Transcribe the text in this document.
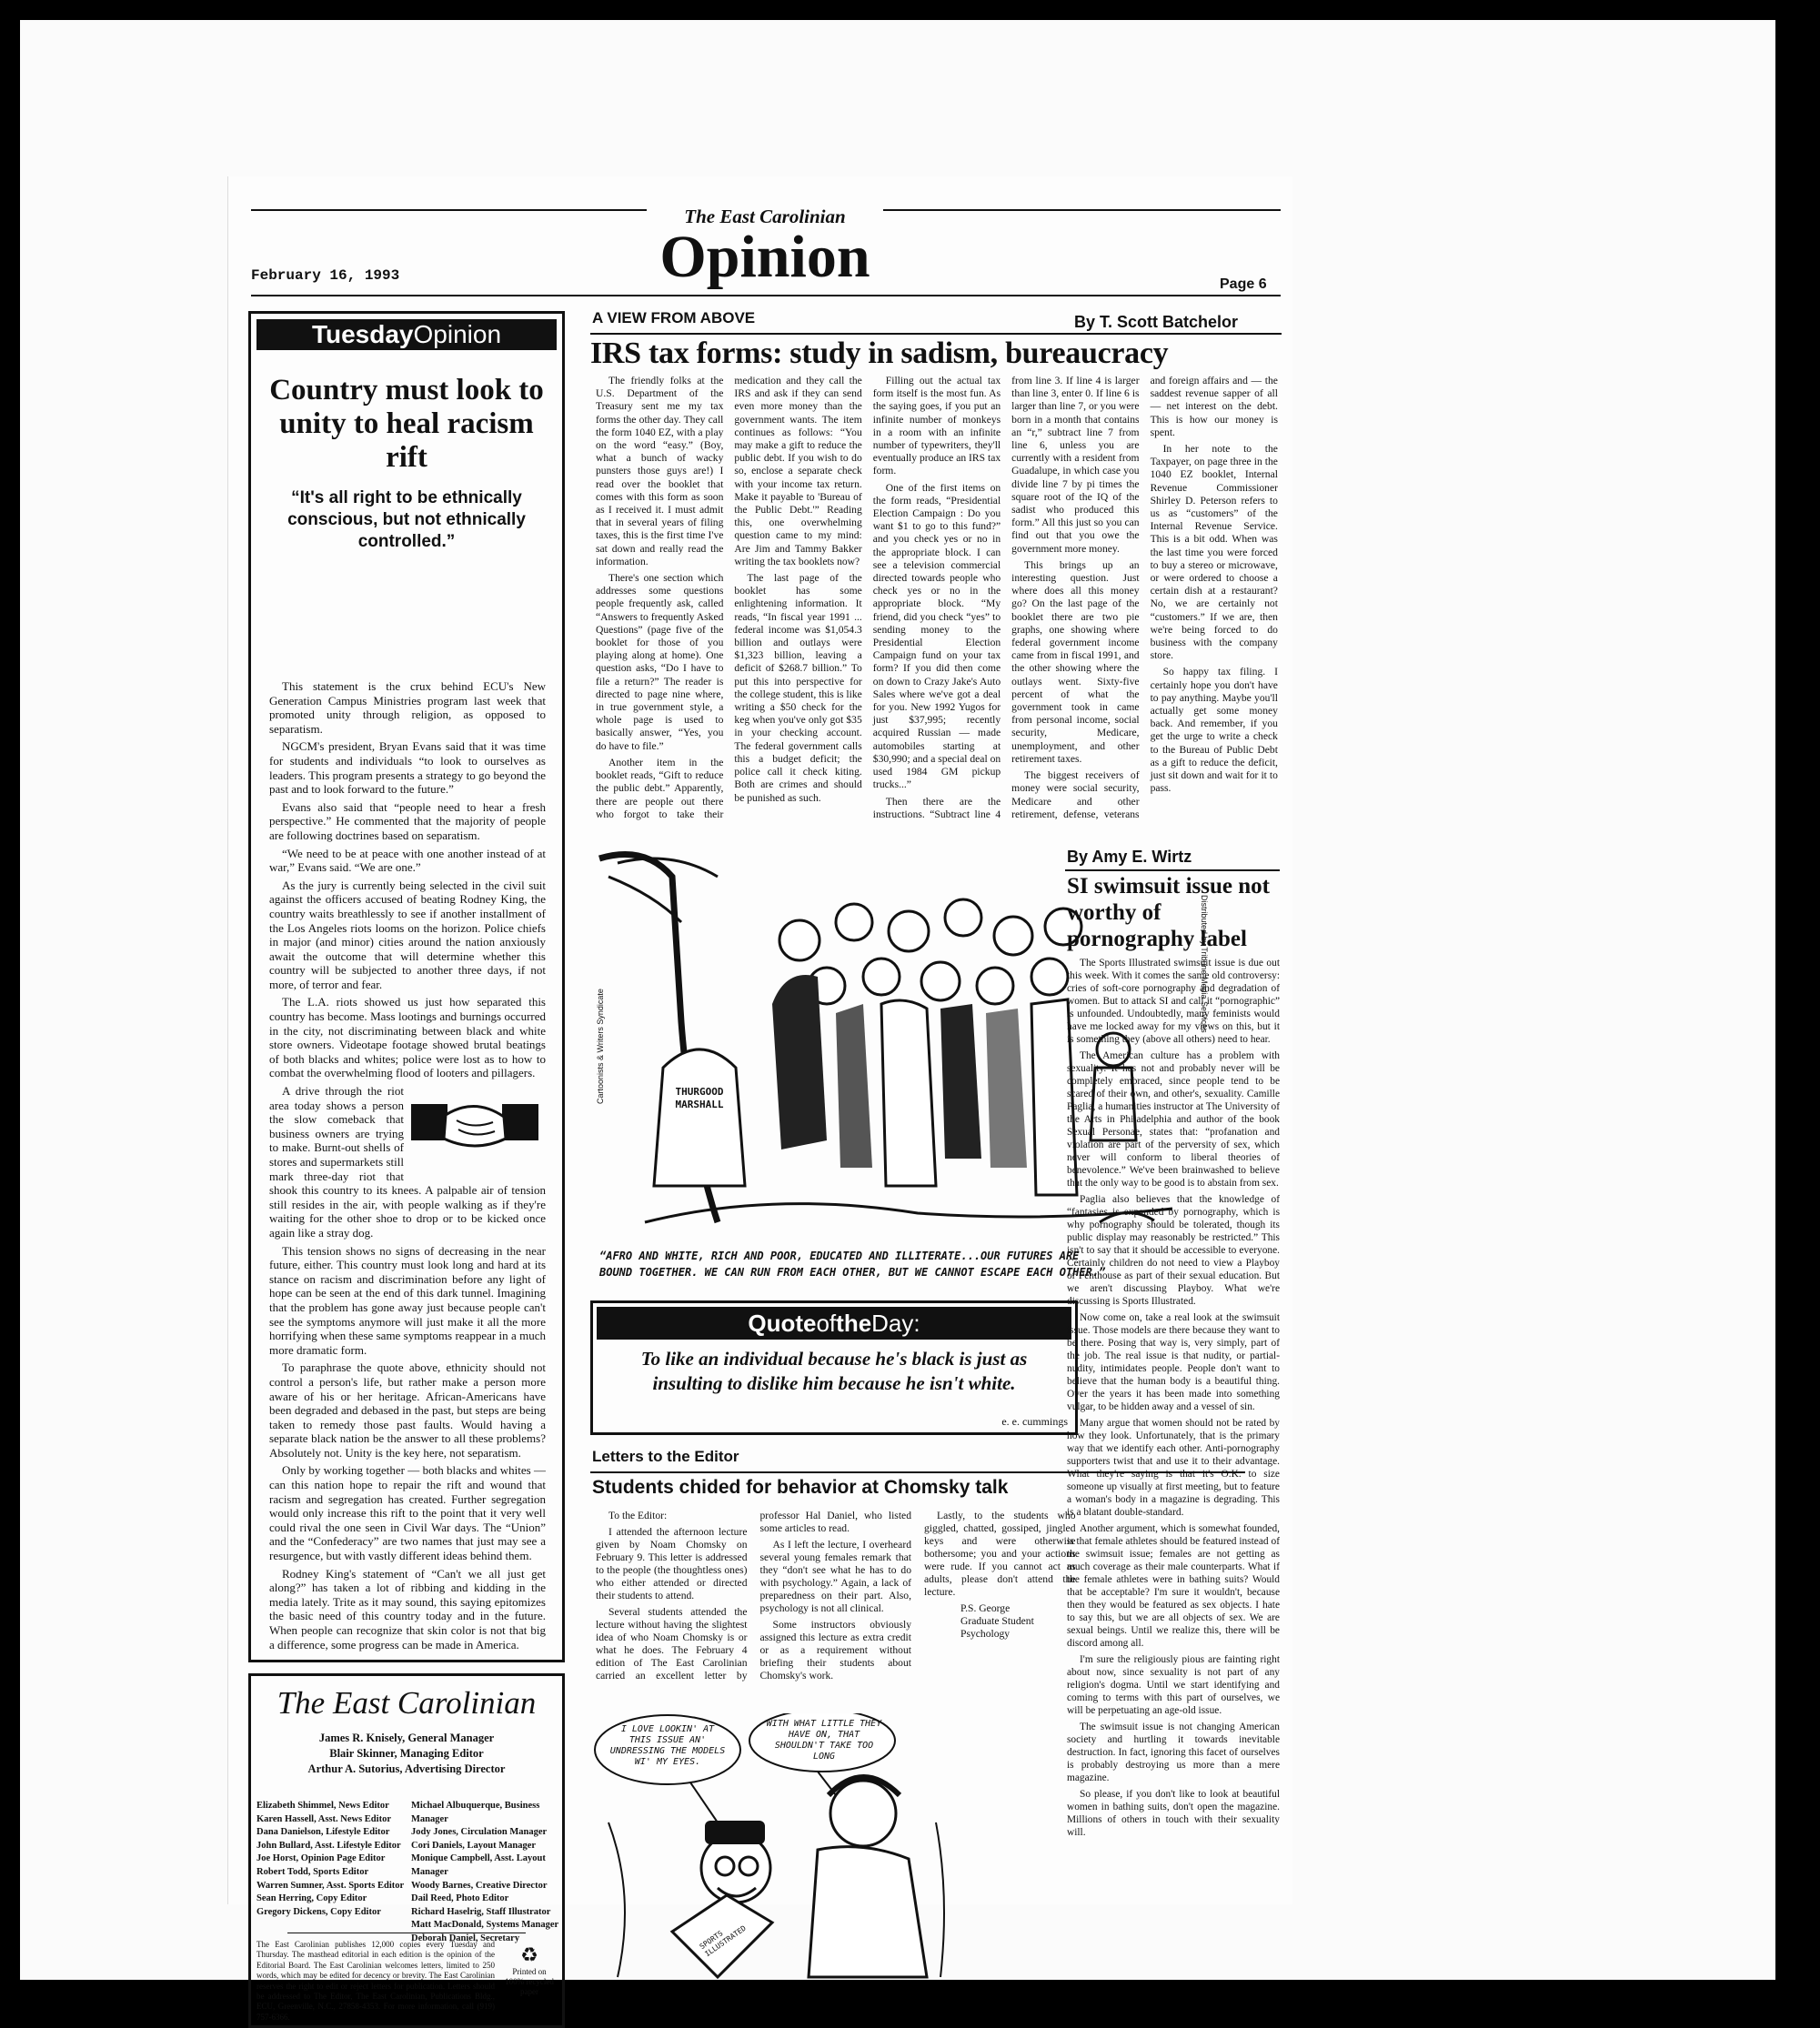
The East Carolinian
Opinion
February 16, 1993
Page 6
TuesdayOpinion
Country must look to unity to heal racism rift
“It's all right to be ethnically conscious, but not ethnically controlled.”

This statement is the crux behind ECU's New Generation Campus Ministries program last week that promoted unity through religion, as opposed to separatism.

NGCM's president, Bryan Evans said that it was time for students and individuals “to look to ourselves as leaders. This program presents a strategy to go beyond the past and to look forward to the future.”

Evans also said that “people need to hear a fresh perspective.” He commented that the majority of people are following doctrines based on separatism.

“We need to be at peace with one another instead of at war,” Evans said. “We are one.”

As the jury is currently being selected in the civil suit against the officers accused of beating Rodney King, the country waits breathlessly to see if another installment of the Los Angeles riots looms on the horizon. Police chiefs in major (and minor) cities around the nation anxiously await the outcome that will determine whether this country will be subjected to another three days, if not more, of terror and fear.

The L.A. riots showed us just how separated this country has become. Mass lootings and burnings occurred in the city, not discriminating between black and white store owners. Videotape footage showed brutal beatings of both blacks and whites; police were lost as to how to combat the overwhelming flood of looters and pillagers.

A drive through the riot area today shows a person the slow comeback that business owners are trying to make. Burnt-out shells of stores and supermarkets still mark three-day riot that shook this country to its knees. A palpable air of tension still resides in the air, with people walking as if they're waiting for the other shoe to drop or to be kicked once again like a stray dog.

This tension shows no signs of decreasing in the near future, either. This country must look long and hard at its stance on racism and discrimination before any light of hope can be seen at the end of this dark tunnel. Imagining that the problem has gone away just because people can't see the symptoms anymore will just make it all the more horrifying when these same symptoms reappear in a much more dramatic form.

To paraphrase the quote above, ethnicity should not control a person's life, but rather make a person more aware of his or her heritage. African-Americans have been degraded and debased in the past, but steps are being taken to remedy those past faults. Would having a separate black nation be the answer to all these problems? Absolutely not. Unity is the key here, not separatism.

Only by working together — both blacks and whites — can this nation hope to repair the rift and wound that racism and segregation has created. Further segregation would only increase this rift to the point that it very well could rival the one seen in Civil War days. The “Union” and the “Confederacy” are two names that just may see a resurgence, but with vastly different ideas behind them.

Rodney King's statement of “Can't we all just get along?” has taken a lot of ribbing and kidding in the media lately. Trite as it may sound, this saying epitomizes the basic need of this country today and in the future. When people can recognize that skin color is not that big a difference, some progress can be made in America.

The East Carolinian
James R. Knisely, General Manager
Blair Skinner, Managing Editor
Arthur A. Sutorius, Advertising Director
Elizabeth Shimmel, News Editor
Karen Hassell, Asst. News Editor
Dana Danielson, Lifestyle Editor
John Bullard, Asst. Lifestyle Editor
Joe Horst, Opinion Page Editor
Robert Todd, Sports Editor
Warren Sumner, Asst. Sports Editor
Sean Herring, Copy Editor
Gregory Dickens, Copy Editor
Michael Albuquerque, Business Manager
Jody Jones, Circulation Manager
Cori Daniels, Layout Manager
Monique Campbell, Asst. Layout Manager
Woody Barnes, Creative Director
Dail Reed, Photo Editor
Richard Haselrig, Staff Illustrator
Matt MacDonald, Systems Manager
Deborah Daniel, Secretary
The East Carolinian publishes 12,000 copies every Tuesday and Thursday. The masthead editorial in each edition is the opinion of the Editorial Board. The East Carolinian welcomes letters, limited to 250 words, which may be edited for decency or brevity. The East Carolinian reserves the right to edit or reject letters for publication. Letters should be addressed to The Editor, The East Carolinian, Publications Bldg., ECU, Greenville, N.C., 27858-4353. For more information, call (919) 757-6366.
♻
Printed on 100% recycled paper
A VIEW FROM ABOVE	By T. Scott Batchelor
IRS tax forms: study in sadism, bureaucracy

The friendly folks at the U.S. Department of the Treasury sent me my tax forms the other day. They call the form 1040 EZ, with a play on the word “easy.” (Boy, what a bunch of wacky punsters those guys are!) I read over the booklet that comes with this form as soon as I received it. I must admit that in several years of filing taxes, this is the first time I've sat down and really read the information.

There's one section which addresses some questions people frequently ask, called “Answers to frequently Asked Questions” (page five of the booklet for those of you playing along at home). One question asks, “Do I have to file a return?” The reader is directed to page nine where, in true government style, a whole page is used to basically answer, “Yes, you do have to file.”

Another item in the booklet reads, “Gift to reduce the public debt.” Apparently, there are people out there who forgot to take their medication and they call the IRS and ask if they can send even more money than the government wants. The item continues as follows: “You may make a gift to reduce the public debt. If you wish to do so, enclose a separate check with your income tax return. Make it payable to 'Bureau of the Public Debt.'” Reading this, one overwhelming question came to my mind: Are Jim and Tammy Bakker writing the tax booklets now?

The last page of the booklet has some enlightening information. It reads, “In fiscal year 1991 ... federal income was $1,054.3 billion and outlays were $1,323 billion, leaving a deficit of $268.7 billion.” To put this into perspective for the college student, this is like writing a $50 check for the keg when you've only got $35 in your checking account. The federal government calls this a budget deficit; the police call it check kiting. Both are crimes and should be punished as such.

Filling out the actual tax form itself is the most fun. As the saying goes, if you put an infinite number of monkeys in a room with an infinite number of typewriters, they'll eventually produce an IRS tax form.

One of the first items on the form reads, “Presidential Election Campaign : Do you want $1 to go to this fund?” and you check yes or no in the appropriate block. I can see a television commercial directed towards people who check yes or no in the appropriate block. “My friend, did you check “yes” to sending money to the Presidential Election Campaign fund on your tax form? If you did then come on down to Crazy Jake's Auto Sales where we've got a deal for you. New 1992 Yugos for just $37,995; recently acquired Russian — made automobiles starting at $30,990; and a special deal on used 1984 GM pickup trucks...”

Then there are the instructions. “Subtract line 4 from line 3. If line 4 is larger than line 3, enter 0. If line 6 is larger than line 7, or you were born in a month that contains an “r,” subtract line 7 from line 6, unless you are currently with a resident from Guadalupe, in which case you divide line 7 by pi times the square root of the IQ of the sadist who produced this form.” All this just so you can find out that you owe the government more money.

This brings up an interesting question. Just where does all this money go? On the last page of the booklet there are two pie graphs, one showing where federal government income came from in fiscal 1991, and the other showing where the outlays went. Sixty-five percent of what the government took in came from personal income, social security, Medicare, unemployment, and other retirement taxes.

The biggest receivers of money were social security, Medicare and other retirement, defense, veterans and foreign affairs and — the saddest revenue sapper of all — net interest on the debt. This is how our money is spent.

In her note to the Taxpayer, on page three in the 1040 EZ booklet, Internal Revenue Commissioner Shirley D. Peterson refers to us as “customers” of the Internal Revenue Service. This is a bit odd. When was the last time you were forced to buy a stereo or microwave, or were ordered to choose a certain dish at a restaurant? No, we are certainly not “customers.” If we are, then we're being forced to do business with the company store.

So happy tax filing. I certainly hope you don't have to pay anything. Maybe you'll actually get some money back. And remember, if you get the urge to write a check to the Bureau of Public Debt as a gift to reduce the deficit, just sit down and wait for it to pass.

THURGOOD MARSHALL
Cartoonists & Writers Syndicate
Distributed by Tribune Media Services
“AFRO AND WHITE, RICH AND POOR, EDUCATED AND ILLITERATE...OUR FUTURES ARE BOUND TOGETHER. WE CAN RUN FROM EACH OTHER, BUT WE CANNOT ESCAPE EACH OTHER.”
QuoteoftheDay:
To like an individual because he's black is just as insulting to dislike him because he isn't white.
e. e. cummings
Letters to the Editor
Students chided for behavior at Chomsky talk

To the Editor:

I attended the afternoon lecture given by Noam Chomsky on February 9. This letter is addressed to the people (the thoughtless ones) who either attended or directed their students to attend.

Several students attended the lecture without having the slightest idea of who Noam Chomsky is or what he does. The February 4 edition of The East Carolinian carried an excellent letter by professor Hal Daniel, who listed some articles to read.

As I left the lecture, I overheard several young females remark that they “don't see what he has to do with psychology.” Again, a lack of preparedness on their part. Also, psychology is not all clinical.

Some instructors obviously assigned this lecture as extra credit or as a requirement without briefing their students about Chomsky's work.

Lastly, to the students who giggled, chatted, gossiped, jingled keys and were otherwise bothersome; you and your actions were rude. If you cannot act as adults, please don't attend the lecture.

P.S. George
Graduate Student
Psychology
I LOVE LOOKIN' AT THIS ISSUE AN' UNDRESSING THE MODELS WI' MY EYES.
WITH WHAT LITTLE THEY HAVE ON, THAT SHOULDN'T TAKE TOO LONG
SPORTS ILLUSTRATED
By Amy E. Wirtz
SI swimsuit issue not worthy of pornography label

The Sports Illustrated swimsuit issue is due out this week. With it comes the same old controversy: cries of soft-core pornography and degradation of women. But to attack SI and call it “pornographic” is unfounded. Undoubtedly, many feminists would have me locked away for my views on this, but it is something they (above all others) need to hear.

The American culture has a problem with sexuality. It has not and probably never will be completely embraced, since people tend to be scared of their own, and other's, sexuality. Camille Paglia, a humanities instructor at The University of the Arts in Philadelphia and author of the book Sexual Personae, states that: “profanation and violation are part of the perversity of sex, which never will conform to liberal theories of benevolence.” We've been brainwashed to believe that the only way to be good is to abstain from sex.

Paglia also believes that the knowledge of “fantasies is expanded by pornography, which is why pornography should be tolerated, though its public display may reasonably be restricted.” This isn't to say that it should be accessible to everyone. Certainly children do not need to view a Playboy or Penthouse as part of their sexual education. But we aren't discussing Playboy. What we're discussing is Sports Illustrated.

Now come on, take a real look at the swimsuit issue. Those models are there because they want to be there. Posing that way is, very simply, part of the job. The real issue is that nudity, or partial-nudity, intimidates people. People don't want to believe that the human body is a beautiful thing. Over the years it has been made into something vulgar, to be hidden away and a vessel of sin.

Many argue that women should not be rated by how they look. Unfortunately, that is the primary way that we identify each other. Anti-pornography supporters twist that and use it to their advantage. What they're saying is that it's O.K. to size someone up visually at first meeting, but to feature a woman's body in a magazine is degrading. This is a blatant double-standard.

Another argument, which is somewhat founded, is that female athletes should be featured instead of the swimsuit issue; females are not getting as much coverage as their male counterparts. What if the female athletes were in bathing suits? Would that be acceptable? I'm sure it wouldn't, because then they would be featured as sex objects. I hate to say this, but we are all objects of sex. We are sexual beings. Until we realize this, there will be discord among all.

I'm sure the religiously pious are fainting right about now, since sexuality is not part of any religion's dogma. Until we start identifying and coming to terms with this part of ourselves, we will be perpetuating an age-old issue.

The swimsuit issue is not changing American society and hurtling it towards inevitable destruction. In fact, ignoring this facet of ourselves is probably destroying us more than a mere magazine.

So please, if you don't like to look at beautiful women in bathing suits, don't open the magazine. Millions of others in touch with their sexuality will.
